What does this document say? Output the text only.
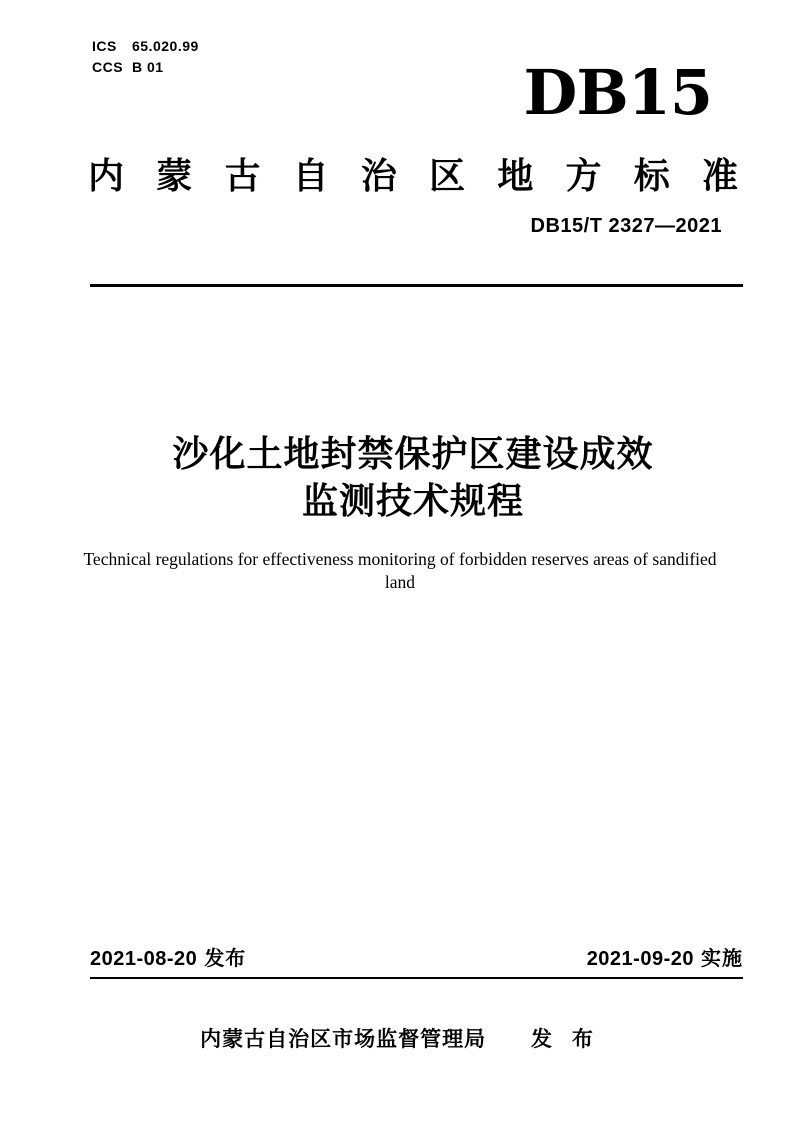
ICS	65.020.99
CCS B 01	DB15
内 蒙 古 自 治 区 地 方 标 准
DB15/T 2327—2021
沙化土地封禁保护区建设成效
监测技术规程
Technical regulations for effectiveness monitoring of forbidden reserves areas of sandified land
2021-08-20 发布	2021-09-20 实施
内蒙古自治区市场监督管理局 发 布
